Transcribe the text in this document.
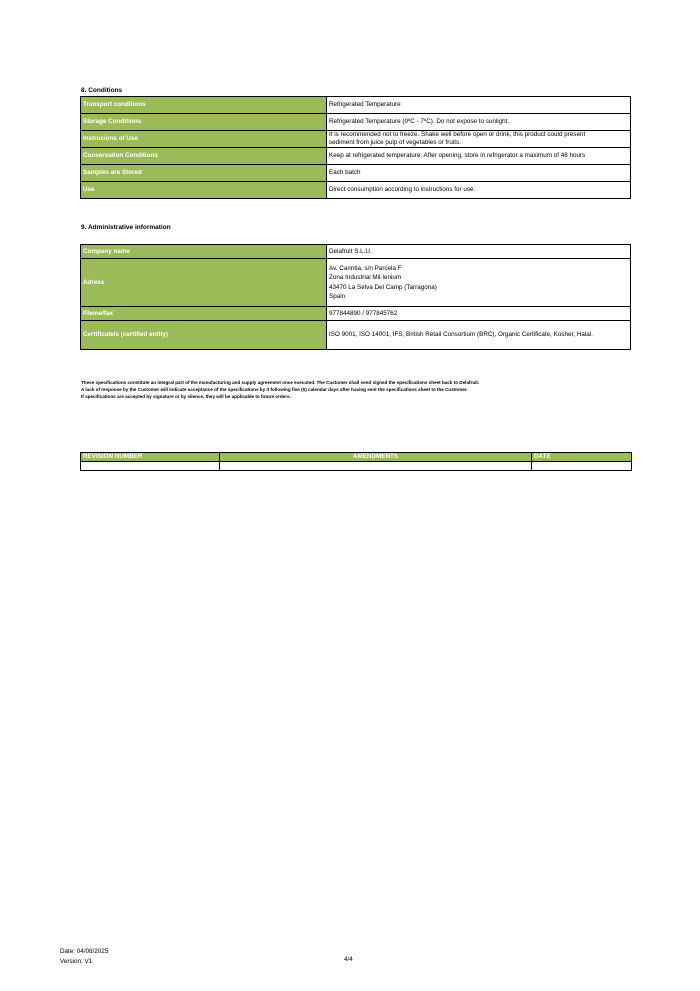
8. Conditions
Transport conditions	Refrigerated Temperature
Storage Conditions	Refrigerated Temperature (0ºC - 7ºC). Do not expose to sunlight.
Instrucions of Use	It is recommended not to freeze. Shake well before open or drink, this product could present
sediment from juice pulp of vegetables or fruits.

Conservation Conditions	Keep at refrigerated temperature. After opening, store in refrigerator a maximum of 48 hours
Samples are Stored	Each batch
Use	Direct consumption according to instructions for use.
9. Administrative information
Company name	Delafruit S.L.U.
Adress	Av. Carintia, s/n Parcela F
Zona Industrial Mil·lenium
43470 La Selva Del Camp (Tarragona)
Spain

Phone/fax	977844890 / 977845762
Certificate/s (certified entity)	ISO 9001, ISO 14001, IFS, British Retail Consortium (BRC), Organic Certificate, Kosher, Halal.
These specifications constitute an integral part of the manufacturing and supply agreement once executed. The Customer shall send signed the specifications sheet back to Delafruit.
A lack of response by the Customer will indicate acceptance of the specifications by it following five (5) calendar days after having sent the specifications sheet to the Customer.
If specifications are accepted by signature or by silence, they will be applicable to future orders.
REVISION NUMBER	AMENDMENTS	DATE

Date: 04/08/2025
Version: V1	4/4
